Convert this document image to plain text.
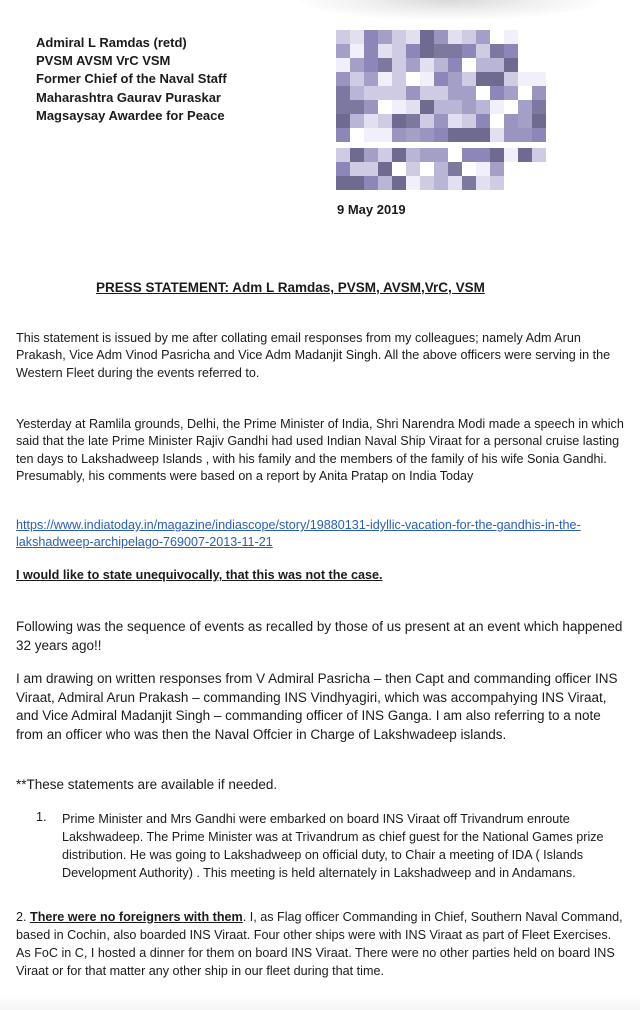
Admiral L Ramdas (retd)
PVSM AVSM VrC VSM
Former Chief of the Naval Staff
Maharashtra Gaurav Puraskar
Magsaysay Awardee for Peace
9 May 2019
PRESS STATEMENT: Adm L Ramdas, PVSM, AVSM,VrC, VSM
This statement is issued by me after collating email responses from my colleagues; namely Adm Arun Prakash, Vice Adm Vinod Pasricha and Vice Adm Madanjit Singh. All the above officers were serving in the Western Fleet during the events referred to.
Yesterday at Ramlila grounds, Delhi, the Prime Minister of India, Shri Narendra Modi made a speech in which said that the late Prime Minister Rajiv Gandhi had used Indian Naval Ship Viraat for a personal cruise lasting ten days to Lakshadweep Islands , with his family and the members of the family of his wife Sonia Gandhi. Presumably, his comments were based on a report by Anita Pratap on India Today
https://www.indiatoday.in/magazine/indiascope/story/19880131-idyllic-vacation-for-the-gandhis-in-the-lakshadweep-archipelago-769007-2013-11-21
I would like to state unequivocally, that this was not the case.
Following was the sequence of events as recalled by those of us present at an event which happened 32 years ago!!
I am drawing on written responses from V Admiral Pasricha – then Capt and commanding officer INS Viraat, Admiral Arun Prakash – commanding INS Vindhyagiri, which was accompahying INS Viraat, and Vice Admiral Madanjit Singh – commanding officer of INS Ganga. I am also referring to a note from an officer who was then the Naval Offcier in Charge of Lakshwadeep islands.
**These statements are available if needed.
1. Prime Minister and Mrs Gandhi were embarked on board INS Viraat off Trivandrum enroute Lakshwadeep. The Prime Minister was at Trivandrum as chief guest for the National Games prize distribution. He was going to Lakshadweep on official duty, to Chair a meeting of IDA ( Islands Development Authority) . This meeting is held alternately in Lakshadweep and in Andamans.
2. There were no foreigners with them. I, as Flag officer Commanding in Chief, Southern Naval Command, based in Cochin, also boarded INS Viraat. Four other ships were with INS Viraat as part of Fleet Exercises. As FoC in C, I hosted a dinner for them on board INS Viraat. There were no other parties held on board INS Viraat or for that matter any other ship in our fleet during that time.
